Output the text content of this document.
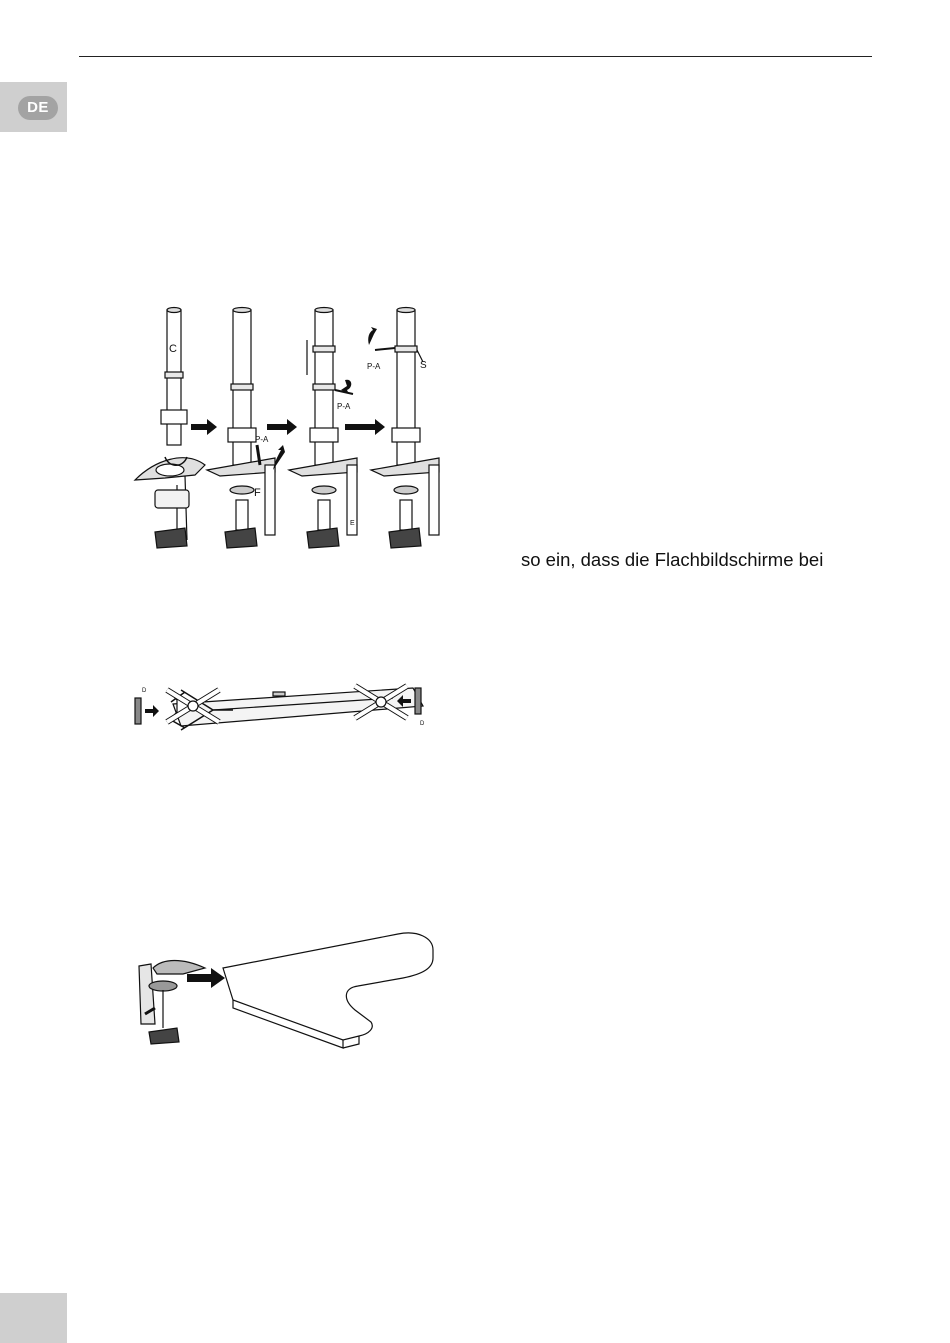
DE
so ein, dass die Flachbildschirme bei
C
F
P-A
P-A
P-A	S
E
D
D
